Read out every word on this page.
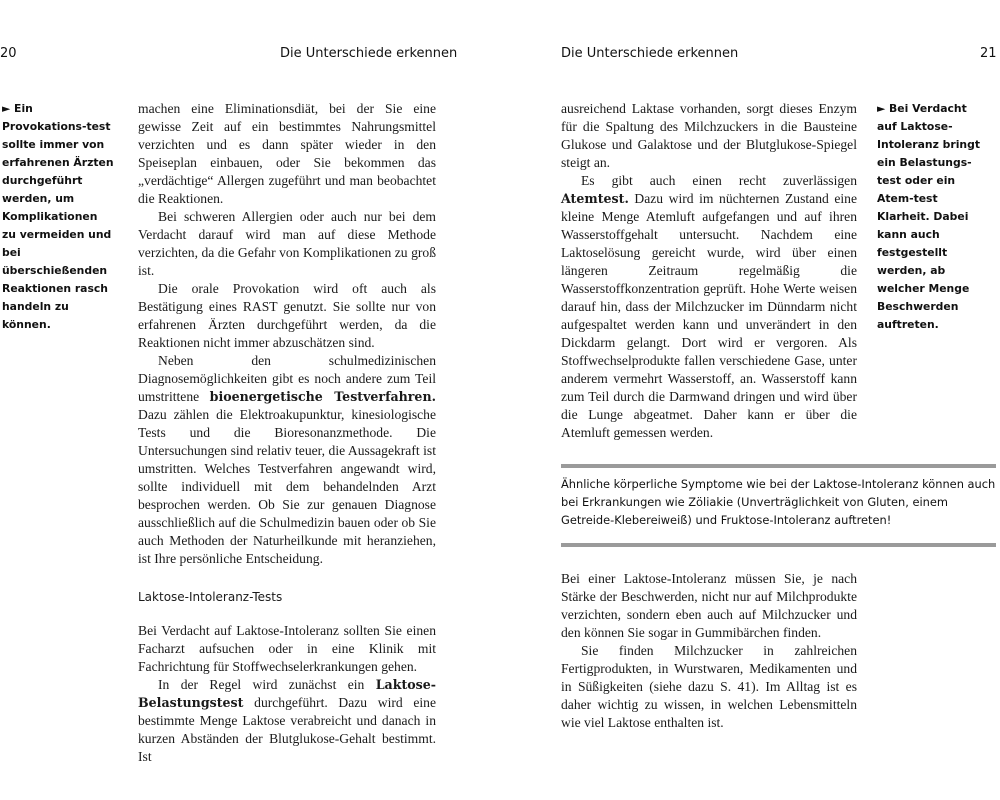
20	Die Unterschiede erkennen

► Ein Provokations-test sollte immer von erfahrenen Ärzten durchgeführt werden, um Komplikationen zu vermeiden und bei überschießenden Reaktionen rasch handeln zu können.

machen eine Eliminationsdiät, bei der Sie eine gewisse Zeit auf ein bestimmtes Nahrungsmittel verzichten und es dann später wieder in den Speiseplan einbauen, oder Sie bekommen das „verdächtige“ Allergen zugeführt und man beobachtet die Reaktionen.

Bei schweren Allergien oder auch nur bei dem Verdacht darauf wird man auf diese Methode verzichten, da die Gefahr von Komplikationen zu groß ist.

Die orale Provokation wird oft auch als Bestätigung eines RAST genutzt. Sie sollte nur von erfahrenen Ärzten durchgeführt werden, da die Reaktionen nicht immer abzuschätzen sind.

Neben den schulmedizinischen Diagnosemöglichkeiten gibt es noch andere zum Teil umstrittene bioenergetische Testverfahren. Dazu zählen die Elektroakupunktur, kinesiologische Tests und die Bioresonanzmethode. Die Untersuchungen sind relativ teuer, die Aussagekraft ist umstritten. Welches Testverfahren angewandt wird, sollte individuell mit dem behandelnden Arzt besprochen werden. Ob Sie zur genauen Diagnose ausschließlich auf die Schulmedizin bauen oder ob Sie auch Methoden der Naturheilkunde mit heranziehen, ist Ihre persönliche Entscheidung.

Laktose-Intoleranz-Tests

Bei Verdacht auf Laktose-Intoleranz sollten Sie einen Facharzt aufsuchen oder in eine Klinik mit Fachrichtung für Stoffwechselerkrankungen gehen.

In der Regel wird zunächst ein Laktose-Belastungstest durchgeführt. Dazu wird eine bestimmte Menge Laktose verabreicht und danach in kurzen Abständen der Blutglukose-Gehalt bestimmt. Ist

Die Unterschiede erkennen	21

ausreichend Laktase vorhanden, sorgt dieses Enzym für die Spaltung des Milchzuckers in die Bausteine Glukose und Galaktose und der Blutglukose-Spiegel steigt an.

Es gibt auch einen recht zuverlässigen Atemtest. Dazu wird im nüchternen Zustand eine kleine Menge Atemluft aufgefangen und auf ihren Wasserstoffgehalt untersucht. Nachdem eine Laktoselösung gereicht wurde, wird über einen längeren Zeitraum regelmäßig die Wasserstoffkonzentration geprüft. Hohe Werte weisen darauf hin, dass der Milchzucker im Dünndarm nicht aufgespaltet werden kann und unverändert in den Dickdarm gelangt. Dort wird er vergoren. Als Stoffwechselprodukte fallen verschiedene Gase, unter anderem vermehrt Wasserstoff, an. Wasserstoff kann zum Teil durch die Darmwand dringen und wird über die Lunge abgeatmet. Daher kann er über die Atemluft gemessen werden.

► Bei Verdacht auf Laktose-Intoleranz bringt ein Belastungs-test oder ein Atem-test Klarheit. Dabei kann auch festgestellt werden, ab welcher Menge Beschwerden auftreten.

Ähnliche körperliche Symptome wie bei der Laktose-Intoleranz können auch bei Erkrankungen wie Zöliakie (Unverträglichkeit von Gluten, einem Getreide-Klebereiweiß) und Fruktose-Intoleranz auftreten!

Bei einer Laktose-Intoleranz müssen Sie, je nach Stärke der Beschwerden, nicht nur auf Milchprodukte verzichten, sondern eben auch auf Milchzucker und den können Sie sogar in Gummibärchen finden.

Sie finden Milchzucker in zahlreichen Fertigprodukten, in Wurstwaren, Medikamenten und in Süßigkeiten (siehe dazu S. 41). Im Alltag ist es daher wichtig zu wissen, in welchen Lebensmitteln wie viel Laktose enthalten ist.
